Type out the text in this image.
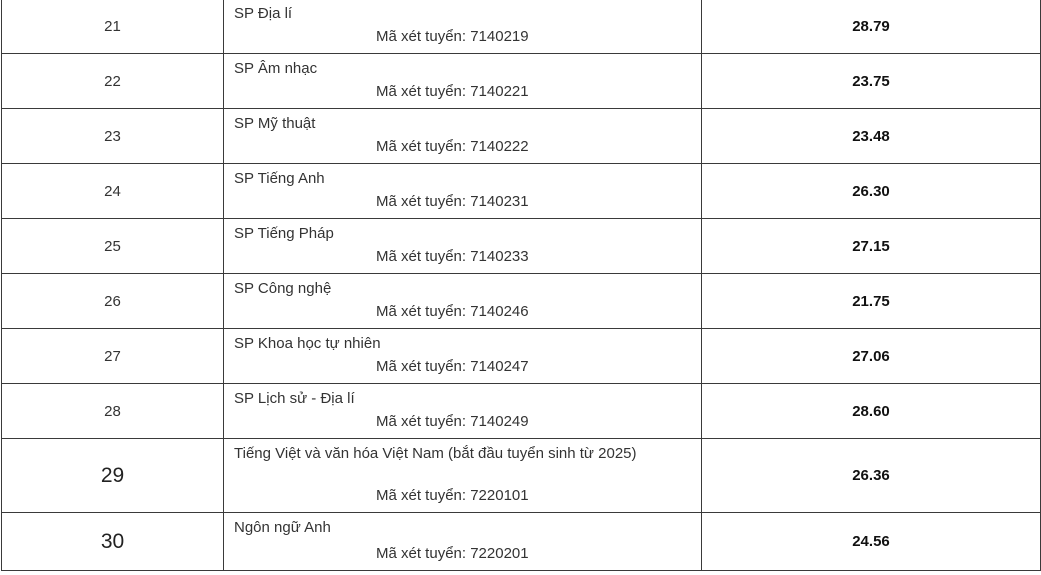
21	SP Địa lí
Mã xét tuyển: 7140219	28.79
22	SP Âm nhạc
Mã xét tuyển: 7140221	23.75
23	SP Mỹ thuật
Mã xét tuyển: 7140222	23.48
24	SP Tiếng Anh
Mã xét tuyển: 7140231	26.30
25	SP Tiếng Pháp
Mã xét tuyển: 7140233	27.15
26	SP Công nghệ
Mã xét tuyển: 7140246	21.75
27	SP Khoa học tự nhiên
Mã xét tuyển: 7140247	27.06
28	SP Lịch sử - Địa lí
Mã xét tuyển: 7140249	28.60
29	Tiếng Việt và văn hóa Việt Nam (bắt đầu tuyển sinh từ 2025)
Mã xét tuyển: 7220101	26.36
30	Ngôn ngữ Anh
Mã xét tuyển: 7220201	24.56
